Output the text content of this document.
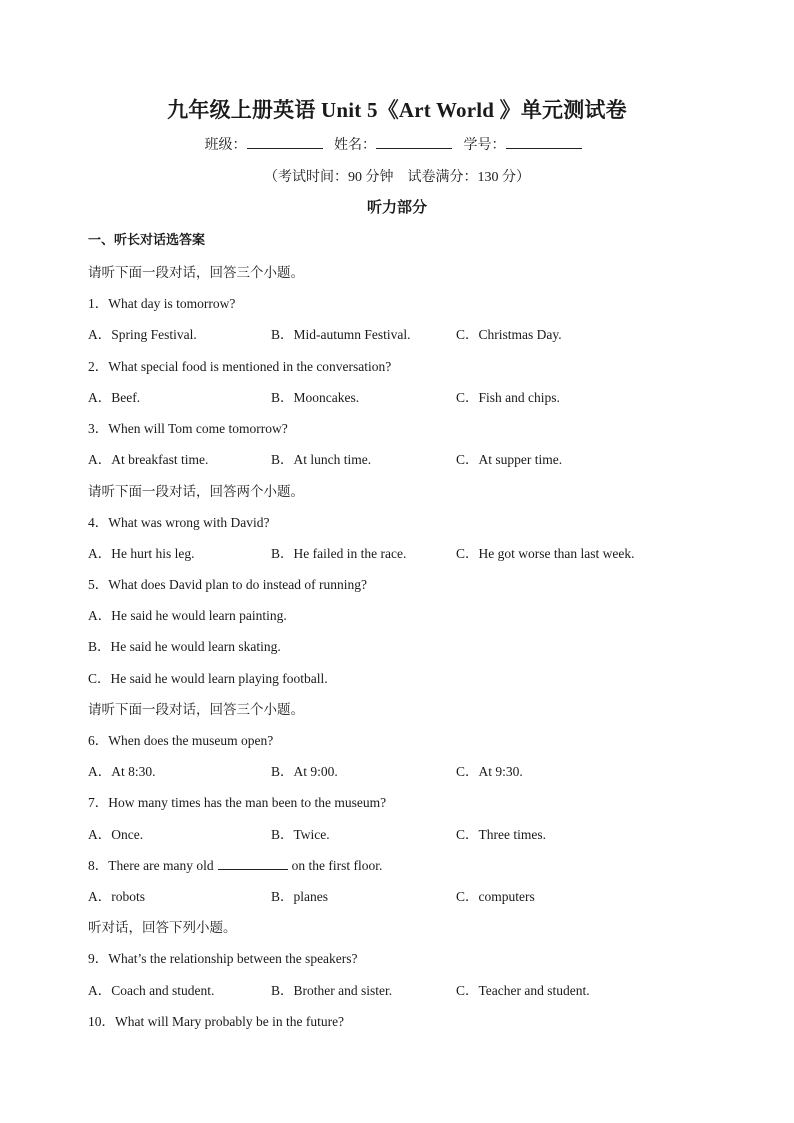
九年级上册英语 Unit 5《Art World 》单元测试卷
班级：	姓名：	学号：
（考试时间：90 分钟　试卷满分：130 分）
听力部分
一、听长对话选答案
请听下面一段对话，回答三个小题。
1．What day is tomorrow?
A．Spring Festival.	B．Mid-autumn Festival.	C．Christmas Day.
2．What special food is mentioned in the conversation?
A．Beef.	B．Mooncakes.	C．Fish and chips.
3．When will Tom come tomorrow?
A．At breakfast time.	B．At lunch time.	C．At supper time.
请听下面一段对话，回答两个小题。
4．What was wrong with David?
A．He hurt his leg.	B．He failed in the race.	C．He got worse than last week.
5．What does David plan to do instead of running?
A．He said he would learn painting.
B．He said he would learn skating.
C．He said he would learn playing football.
请听下面一段对话，回答三个小题。
6．When does the museum open?
A．At 8:30.	B．At 9:00.	C．At 9:30.
7．How many times has the man been to the museum?
A．Once.	B．Twice.	C．Three times.
8．There are many old	on the first floor.
A．robots	B．planes	C．computers
听对话，回答下列小题。
9．What’s the relationship between the speakers?
A．Coach and student.	B．Brother and sister.	C．Teacher and student.
10．What will Mary probably be in the future?
